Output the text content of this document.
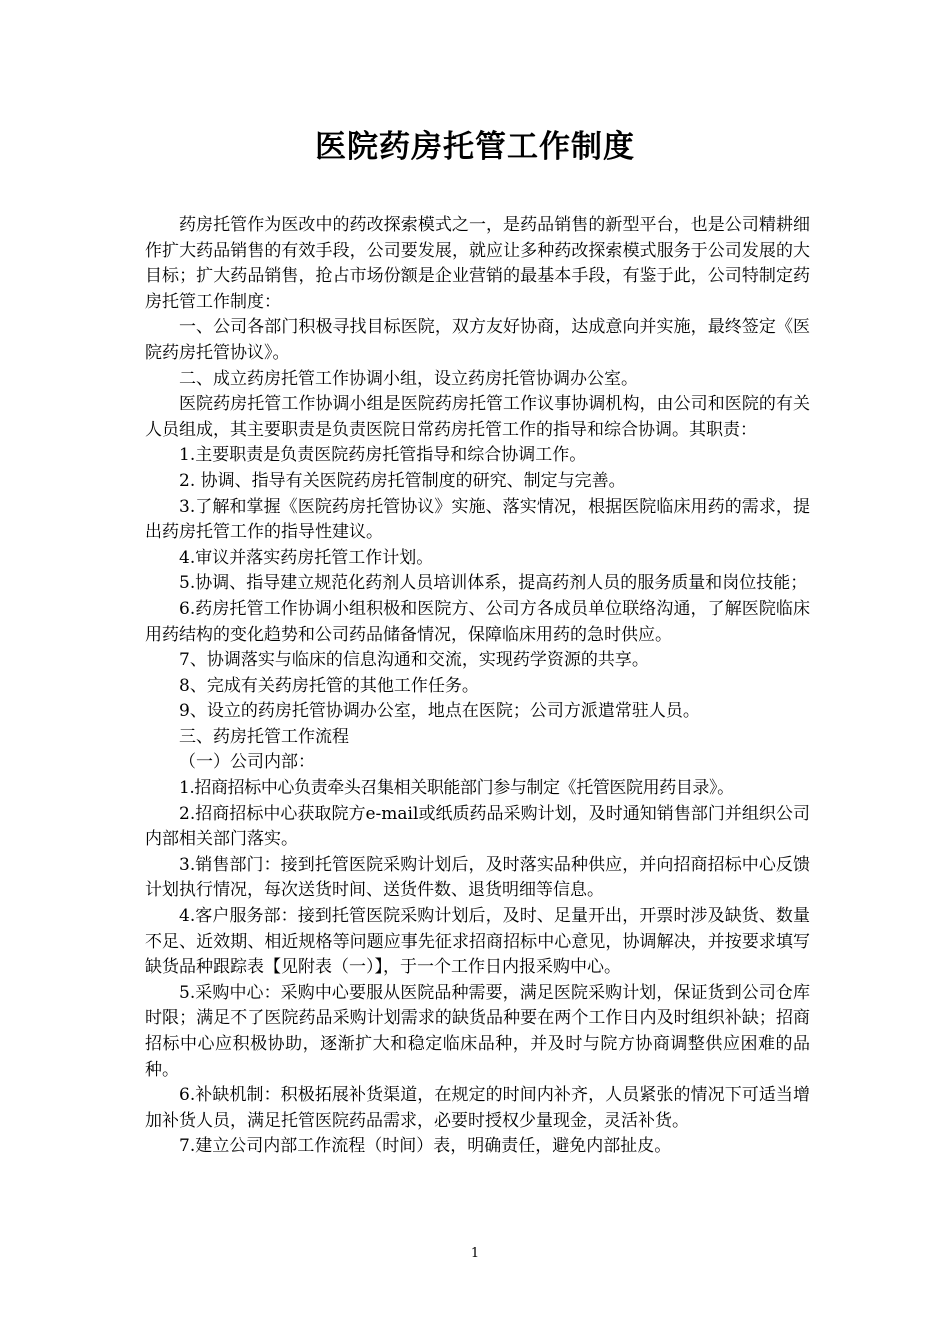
医院药房托管工作制度

药房托管作为医改中的药改探索模式之一，是药品销售的新型平台，也是公司精耕细作扩大药品销售的有效手段，公司要发展，就应让多种药改探索模式服务于公司发展的大目标；扩大药品销售，抢占市场份额是企业营销的最基本手段，有鉴于此，公司特制定药房托管工作制度：

一、公司各部门积极寻找目标医院，双方友好协商，达成意向并实施，最终签定《医院药房托管协议》。

二、成立药房托管工作协调小组，设立药房托管协调办公室。

医院药房托管工作协调小组是医院药房托管工作议事协调机构，由公司和医院的有关人员组成，其主要职责是负责医院日常药房托管工作的指导和综合协调。其职责：

1.主要职责是负责医院药房托管指导和综合协调工作。

2. 协调、指导有关医院药房托管制度的研究、制定与完善。

3.了解和掌握《医院药房托管协议》实施、落实情况，根据医院临床用药的需求，提出药房托管工作的指导性建议。

4.审议并落实药房托管工作计划。

5.协调、指导建立规范化药剂人员培训体系，提高药剂人员的服务质量和岗位技能；

6.药房托管工作协调小组积极和医院方、公司方各成员单位联络沟通，了解医院临床用药结构的变化趋势和公司药品储备情况，保障临床用药的急时供应。

7、协调落实与临床的信息沟通和交流，实现药学资源的共享。

8、完成有关药房托管的其他工作任务。

9、设立的药房托管协调办公室，地点在医院；公司方派遣常驻人员。

三、药房托管工作流程

（一）公司内部：

1.招商招标中心负责牵头召集相关职能部门参与制定《托管医院用药目录》。

2.招商招标中心获取院方e-mail或纸质药品采购计划，及时通知销售部门并组织公司内部相关部门落实。

3.销售部门：接到托管医院采购计划后，及时落实品种供应，并向招商招标中心反馈计划执行情况，每次送货时间、送货件数、退货明细等信息。

4.客户服务部：接到托管医院采购计划后，及时、足量开出，开票时涉及缺货、数量不足、近效期、相近规格等问题应事先征求招商招标中心意见，协调解决，并按要求填写缺货品种跟踪表【见附表（一）】，于一个工作日内报采购中心。

5.采购中心：采购中心要服从医院品种需要，满足医院采购计划，保证货到公司仓库时限；满足不了医院药品采购计划需求的缺货品种要在两个工作日内及时组织补缺；招商招标中心应积极协助，逐渐扩大和稳定临床品种，并及时与院方协商调整供应困难的品种。

6.补缺机制：积极拓展补货渠道，在规定的时间内补齐，人员紧张的情况下可适当增加补货人员，满足托管医院药品需求，必要时授权少量现金，灵活补货。

7.建立公司内部工作流程（时间）表，明确责任，避免内部扯皮。

1
